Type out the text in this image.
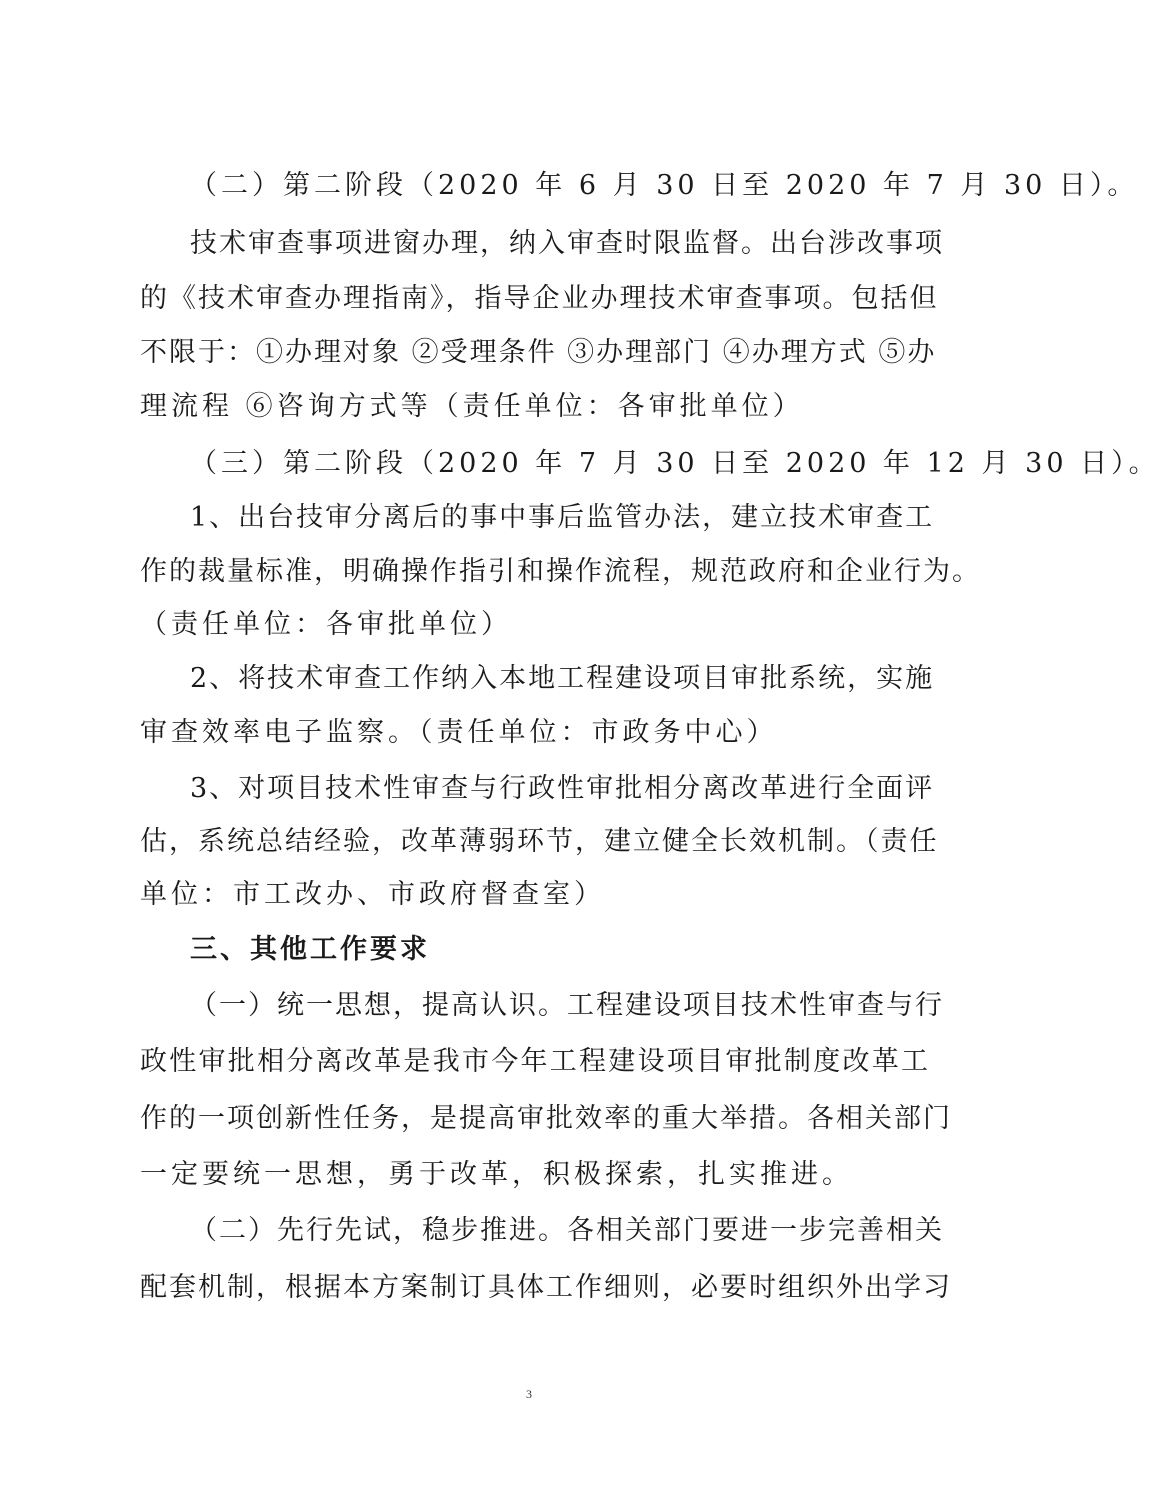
（二）第二阶段（2020 年 6 月 30 日至 2020 年 7 月 30 日）。
技术审查事项进窗办理，纳入审查时限监督。出台涉改事项
的《技术审查办理指南》，指导企业办理技术审查事项。包括但
不限于：①办理对象 ②受理条件 ③办理部门 ④办理方式 ⑤办
理流程 ⑥咨询方式等（责任单位：各审批单位）
（三）第二阶段（2020 年 7 月 30 日至 2020 年 12 月 30 日）。
1、出台技审分离后的事中事后监管办法，建立技术审查工
作的裁量标准，明确操作指引和操作流程，规范政府和企业行为。
（责任单位：各审批单位）
2、将技术审查工作纳入本地工程建设项目审批系统，实施
审查效率电子监察。（责任单位：市政务中心）
3、对项目技术性审查与行政性审批相分离改革进行全面评
估，系统总结经验，改革薄弱环节，建立健全长效机制。（责任
单位：市工改办、市政府督查室）
三、其他工作要求
（一）统一思想，提高认识。工程建设项目技术性审查与行
政性审批相分离改革是我市今年工程建设项目审批制度改革工
作的一项创新性任务，是提高审批效率的重大举措。各相关部门
一定要统一思想，勇于改革，积极探索，扎实推进。
（二）先行先试，稳步推进。各相关部门要进一步完善相关
配套机制，根据本方案制订具体工作细则，必要时组织外出学习
3
